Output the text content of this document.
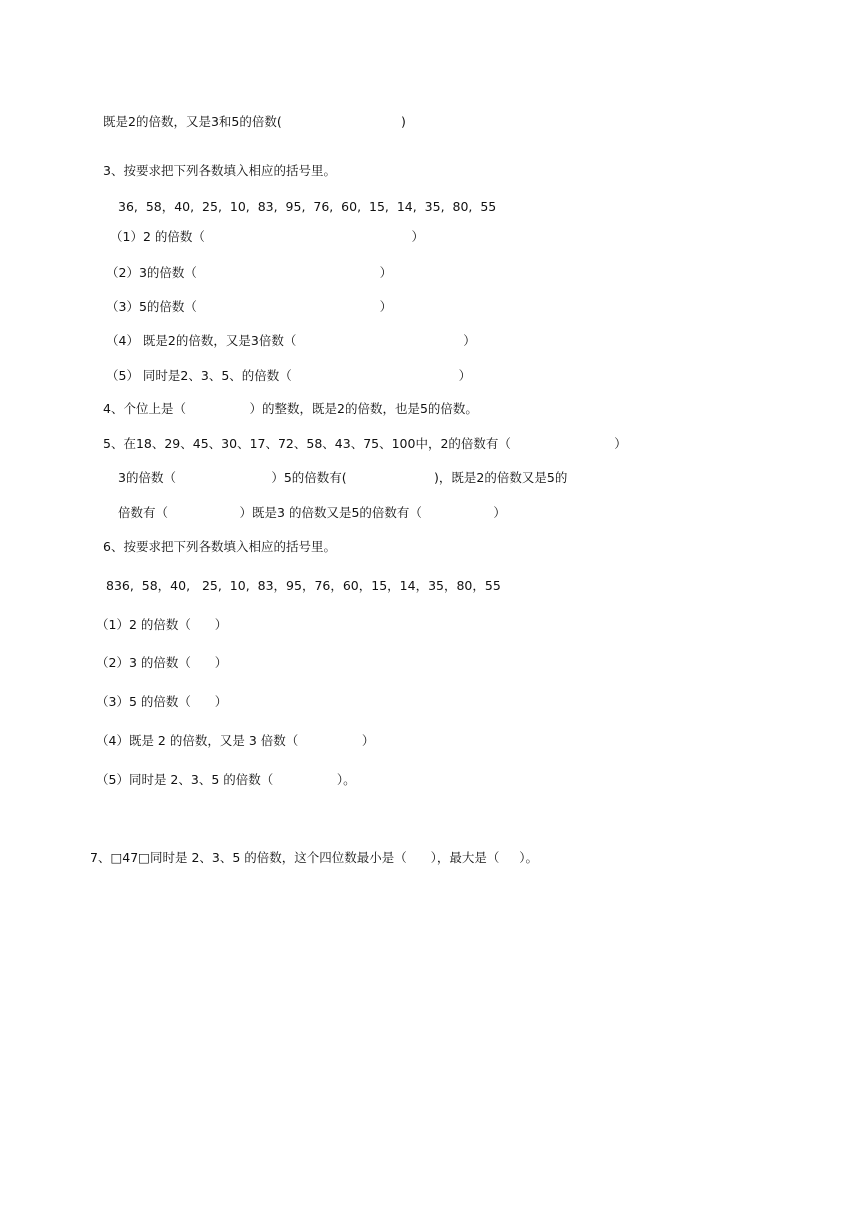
既是2的倍数，又是3和5的倍数(                              )
3、按要求把下列各数填入相应的括号里。
36,  58，40,  25,  10,  83,  95,  76,  60,  15,  14,  35,  80,  55
（1）2 的倍数（                                                    ）
（2）3的倍数（                                              ）
（3）5的倍数（                                              ）
（4） 既是2的倍数，又是3倍数（                                          ）
（5） 同时是2、3、5、的倍数（                                          ）
4、个位上是（                ）的整数，既是2的倍数，也是5的倍数。
5、在18、29、45、30、17、72、58、43、75、100中，2的倍数有（                          ）
3的倍数（                        ）5的倍数有(                      )，既是2的倍数又是5的
倍数有（                  ）既是3 的倍数又是5的倍数有（                  ）
6、按要求把下列各数填入相应的括号里。
836,  58，40,   25,  10,  83，95，76，60，15，14，35，80，55
（1）2 的倍数（      ）
（2）3 的倍数（      ）
（3）5 的倍数（      ）
（4）既是 2 的倍数，又是 3 倍数（                ）
（5）同时是 2、3、5 的倍数（                ）。
7、□47□同时是 2、3、5 的倍数，这个四位数最小是（      ），最大是（     ）。
